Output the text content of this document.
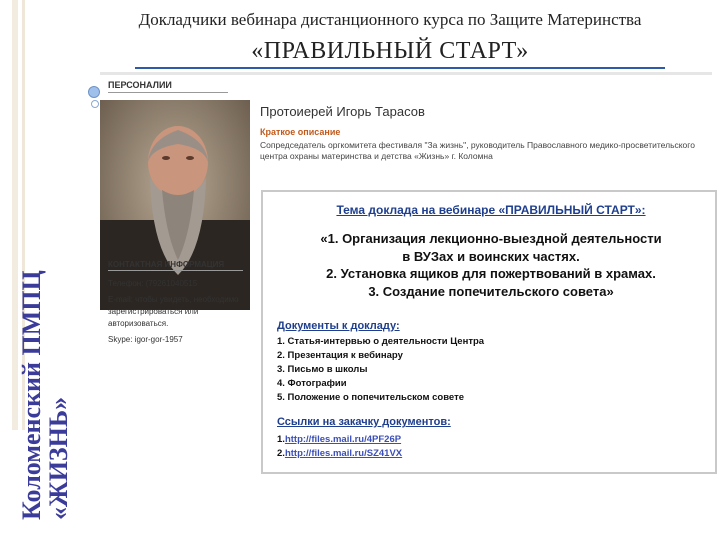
Докладчики вебинара дистанционного курса по Защите Материнства
«ПРАВИЛЬНЫЙ СТАРТ»
Коломенский ПМПЦ
«ЖИЗНЬ»
ПЕРСОНАЛИИ
КОНТАКТНАЯ ИНФОРМАЦИЯ
Телефон: (79261040515
E-mail: чтобы увидеть, необходимо зарегистрироваться или авторизоваться.
Skype: igor-gor-1957
Протоиерей Игорь Тарасов
Краткое описание
Сопредседатель оргкомитета фестиваля "За жизнь", руководитель Православного медико-просветительского центра охраны материнства и детства «Жизнь» г. Коломна
Тема доклада на вебинаре «ПРАВИЛЬНЫЙ СТАРТ»:
«1. Организация лекционно-выездной деятельности
в ВУЗах и воинских частях.
2. Установка ящиков для пожертвований в храмах.
3. Создание попечительского совета»
Документы к докладу:
1. Статья-интервью о деятельности Центра
2. Презентация к вебинару
3. Письмо в школы
4. Фотографии
5. Положение о попечительском совете
Ссылки на закачку документов:
1.http://files.mail.ru/4PF26P
2.http://files.mail.ru/SZ41VX
